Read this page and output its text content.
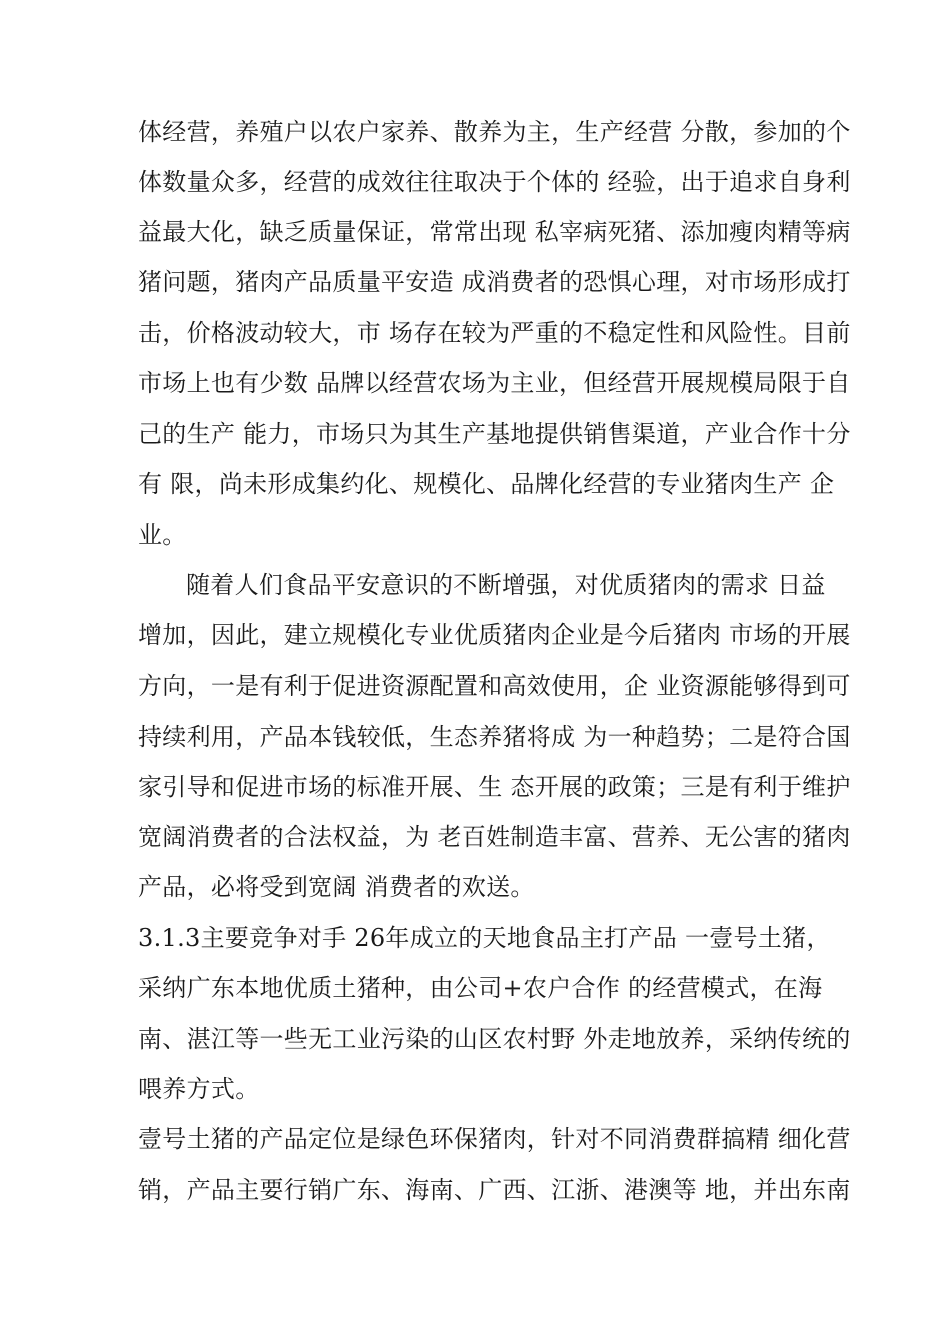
体经营，养殖户以农户家养、散养为主，生产经营 分散，参加的个
体数量众多，经营的成效往往取决于个体的 经验，出于追求自身利
益最大化，缺乏质量保证，常常出现 私宰病死猪、添加瘦肉精等病
猪问题，猪肉产品质量平安造 成消费者的恐惧心理，对市场形成打
击，价格波动较大，市 场存在较为严重的不稳定性和风险性。目前
市场上也有少数 品牌以经营农场为主业，但经营开展规模局限于自
己的生产 能力，市场只为其生产基地提供销售渠道，产业合作十分
有 限，尚未形成集约化、规模化、品牌化经营的专业猪肉生产 企
业。
随着人们食品平安意识的不断增强，对优质猪肉的需求 日益
增加，因此，建立规模化专业优质猪肉企业是今后猪肉 市场的开展
方向，一是有利于促进资源配置和高效使用，企 业资源能够得到可
持续利用，产品本钱较低，生态养猪将成 为一种趋势；二是符合国
家引导和促进市场的标准开展、生 态开展的政策；三是有利于维护
宽阔消费者的合法权益，为 老百姓制造丰富、营养、无公害的猪肉
产品，必将受到宽阔 消费者的欢送。
3.1.3主要竞争对手 26年成立的天地食品主打产品 一壹号土猪，
采纳广东本地优质土猪种，由公司+农户合作 的经营模式，在海
南、湛江等一些无工业污染的山区农村野 外走地放养，采纳传统的
喂养方式。
壹号土猪的产品定位是绿色环保猪肉，针对不同消费群搞精 细化营
销，产品主要行销广东、海南、广西、江浙、港澳等 地，并出东南
